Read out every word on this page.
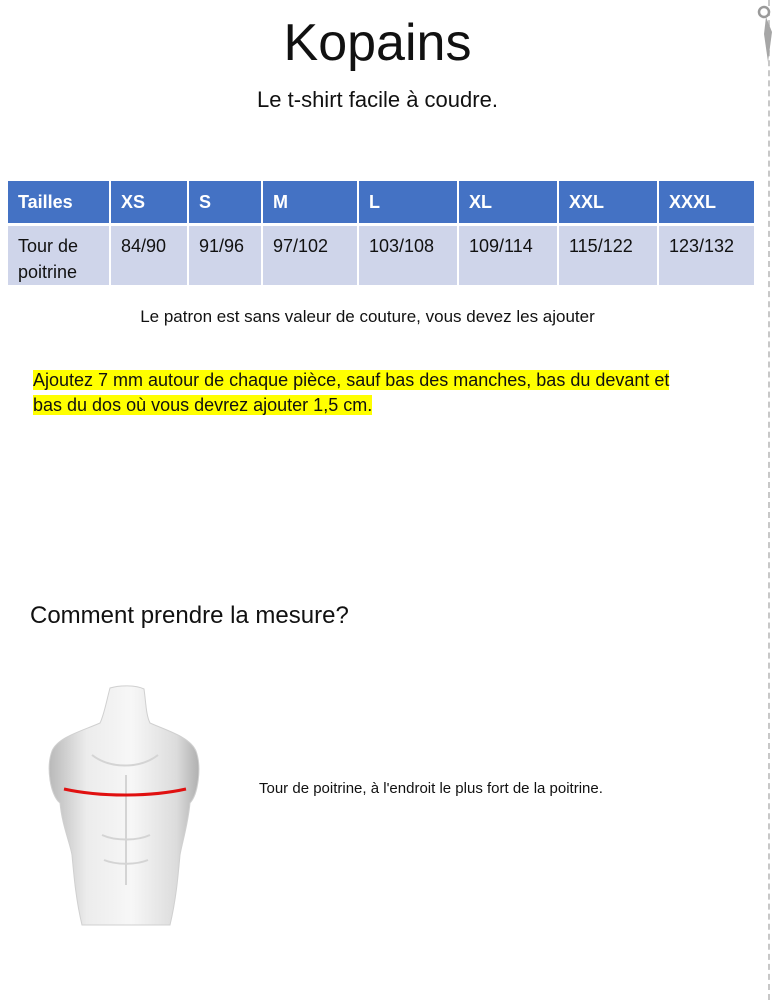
Kopains
Le t-shirt facile à coudre.
Tailles	XS	S	M	L	XL	XXL	XXXL
Tour de
poitrine	84/90	91/96	97/102	103/108	109/114	115/122	123/132
Le patron est sans valeur de couture, vous devez les ajouter
Ajoutez 7 mm autour de chaque pièce, sauf bas des manches, bas du devant et
bas du dos où vous devrez ajouter 1,5 cm.
Comment prendre la mesure?
Tour de poitrine, à l'endroit le plus fort de la poitrine.
